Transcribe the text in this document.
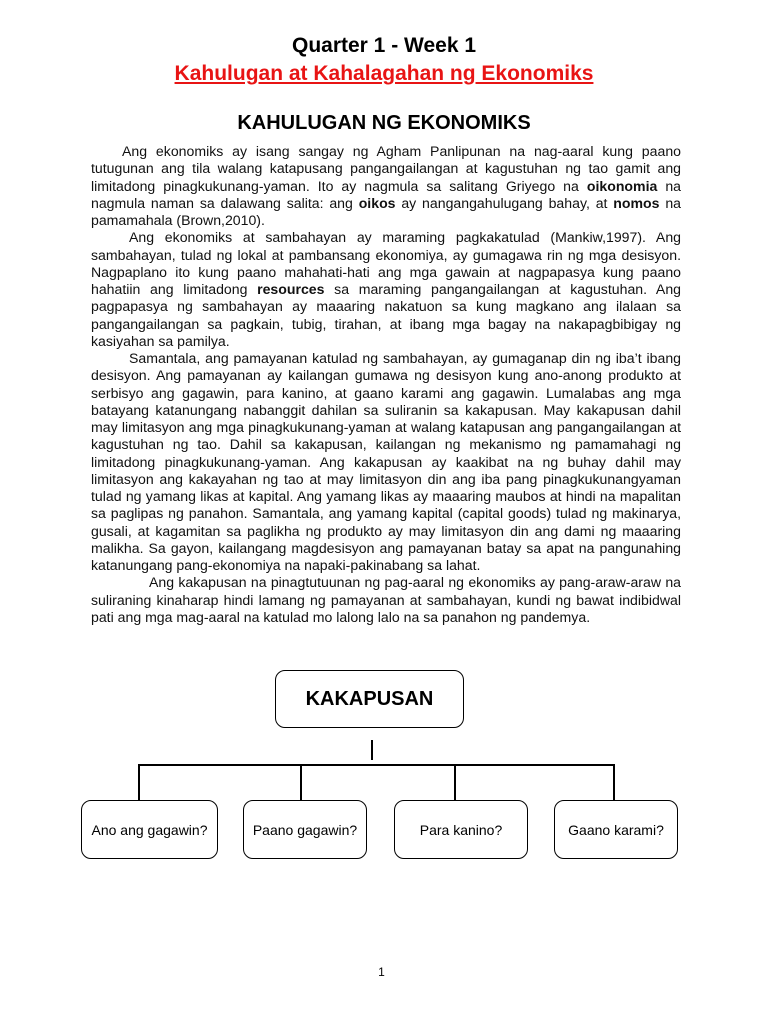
Quarter 1 - Week 1
Kahulugan at Kahalagahan ng Ekonomiks
KAHULUGAN NG EKONOMIKS

Ang ekonomiks ay isang sangay ng Agham Panlipunan na nag-aaral kung paano tutugunan ang tila walang katapusang pangangailangan at kagustuhan ng tao gamit ang limitadong pinagkukunang-yaman. Ito ay nagmula sa salitang Griyego na oikonomia na nagmula naman sa dalawang salita: ang oikos ay nangangahulugang bahay, at nomos na pamamahala (Brown,2010).

Ang ekonomiks at sambahayan ay maraming pagkakatulad (Mankiw,1997). Ang sambahayan, tulad ng lokal at pambansang ekonomiya, ay gumagawa rin ng mga desisyon. Nagpaplano ito kung paano mahahati-hati ang mga gawain at nagpapasya kung paano hahatiin ang limitadong resources sa maraming pangangailangan at kagustuhan. Ang pagpapasya ng sambahayan ay maaaring nakatuon sa kung magkano ang ilalaan sa pangangailangan sa pagkain, tubig, tirahan, at ibang mga bagay na nakapagbibigay ng kasiyahan sa pamilya.

Samantala, ang pamayanan katulad ng sambahayan, ay gumaganap din ng iba’t ibang desisyon. Ang pamayanan ay kailangan gumawa ng desisyon kung ano-anong produkto at serbisyo ang gagawin, para kanino, at gaano karami ang gagawin. Lumalabas ang mga batayang katanungang nabanggit dahilan sa suliranin sa kakapusan. May kakapusan dahil may limitasyon ang mga pinagkukunang-yaman at walang katapusan ang pangangailangan at kagustuhan ng tao. Dahil sa kakapusan, kailangan ng mekanismo ng pamamahagi ng limitadong pinagkukunang-yaman. Ang kakapusan ay kaakibat na ng buhay dahil may limitasyon ang kakayahan ng tao at may limitasyon din ang iba pang pinagkukunangyaman tulad ng yamang likas at kapital. Ang yamang likas ay maaaring maubos at hindi na mapalitan sa paglipas ng panahon. Samantala, ang yamang kapital (capital goods) tulad ng makinarya, gusali, at kagamitan sa paglikha ng produkto ay may limitasyon din ang dami ng maaaring malikha. Sa gayon, kailangang magdesisyon ang pamayanan batay sa apat na pangunahing katanungang pang-ekonomiya na napaki-pakinabang sa lahat.

Ang kakapusan na pinagtutuunan ng pag-aaral ng ekonomiks ay pang-araw-araw na suliraning kinaharap hindi lamang ng pamayanan at sambahayan, kundi ng bawat indibidwal pati ang mga mag-aaral na katulad mo lalong lalo na sa panahon ng pandemya.

KAKAPUSAN
Ano ang gagawin?	Paano gagawin?	Para kanino?	Gaano karami?
1
